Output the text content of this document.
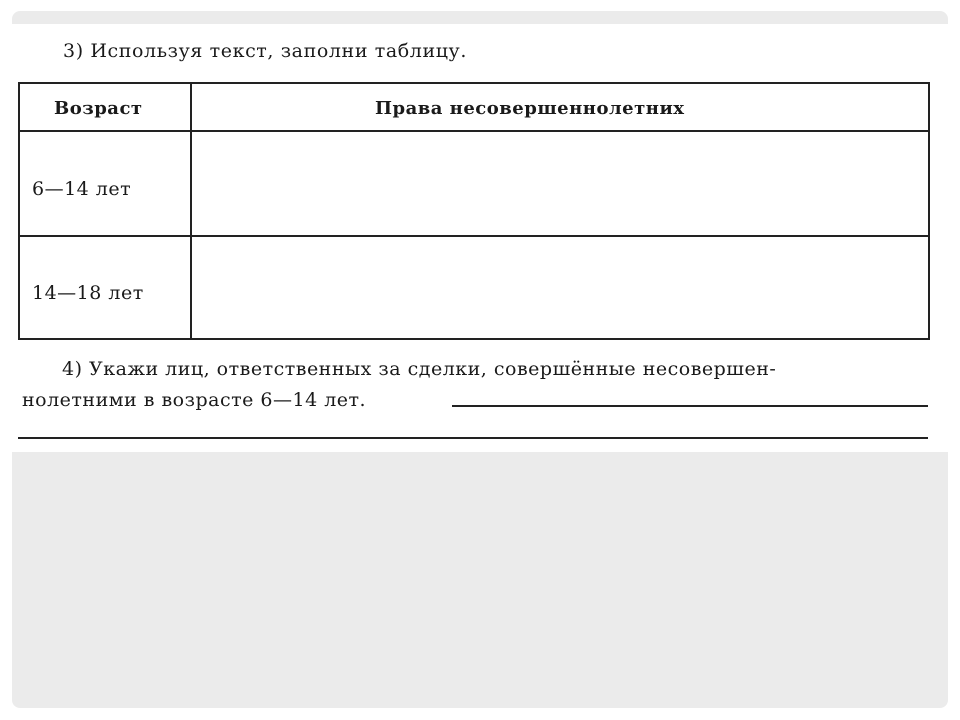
3) Используя текст, заполни таблицу.
Возраст	Права несовершеннолетних
6—14 лет
14—18 лет
4) Укажи лиц, ответственных за сделки, совершённые несовершен-
нолетними в возрасте 6—14 лет.
